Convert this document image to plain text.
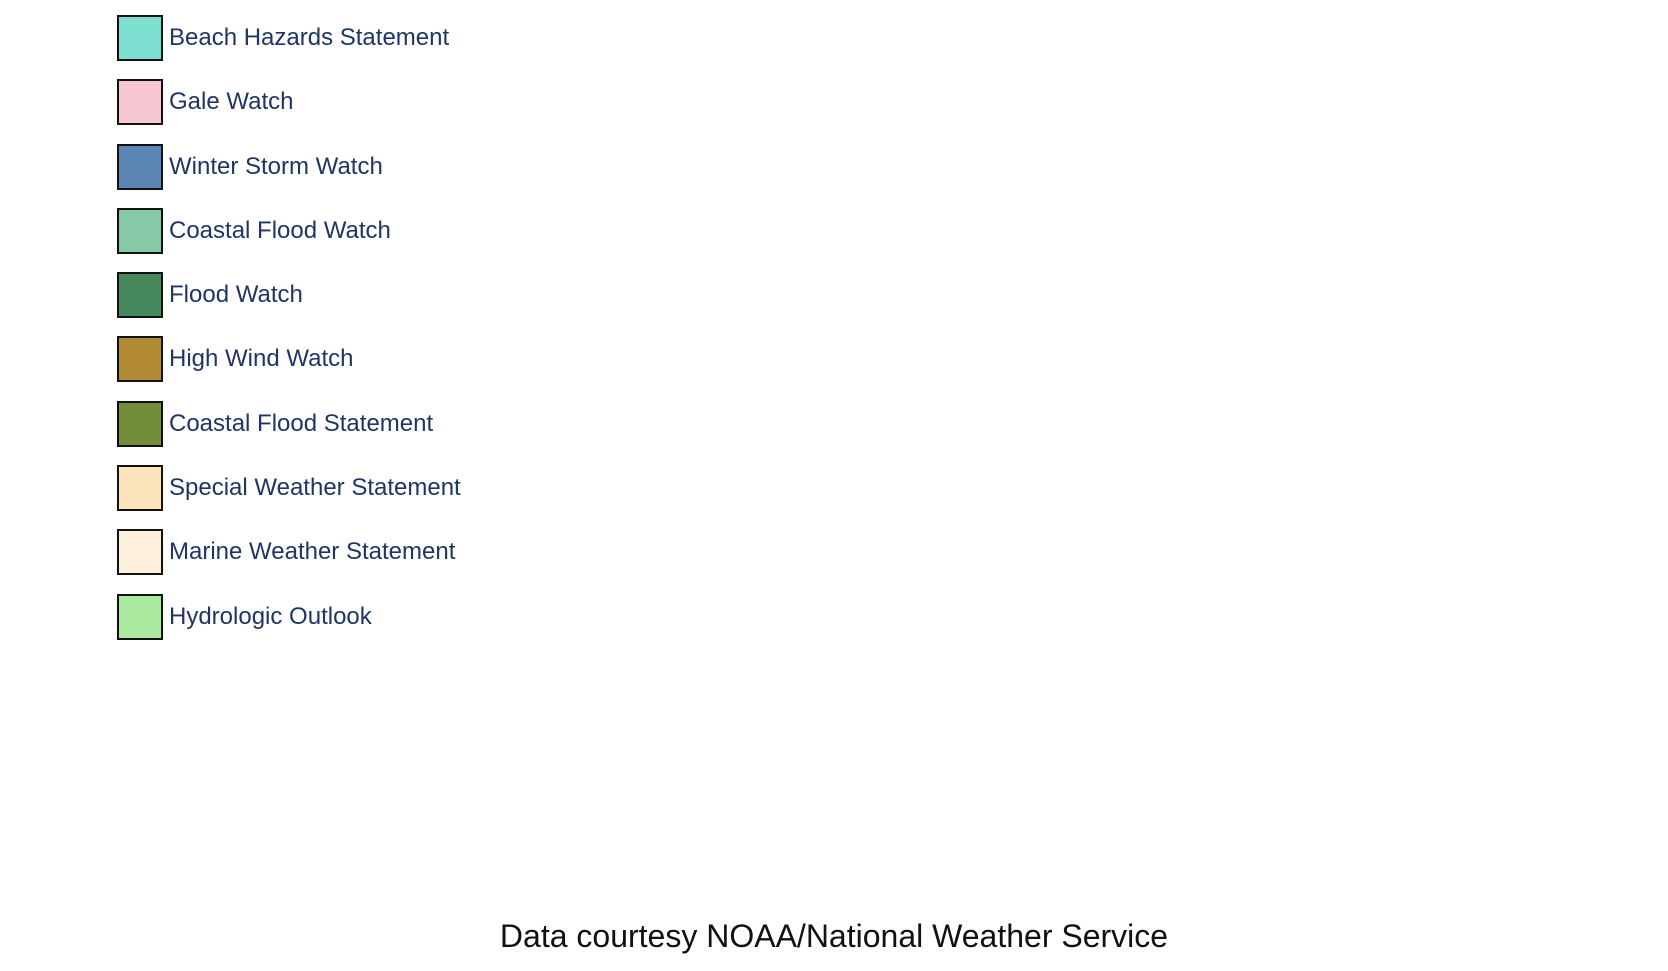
Beach Hazards Statement
Gale Watch
Winter Storm Watch
Coastal Flood Watch
Flood Watch
High Wind Watch
Coastal Flood Statement
Special Weather Statement
Marine Weather Statement
Hydrologic Outlook
Data courtesy NOAA/National Weather Service
